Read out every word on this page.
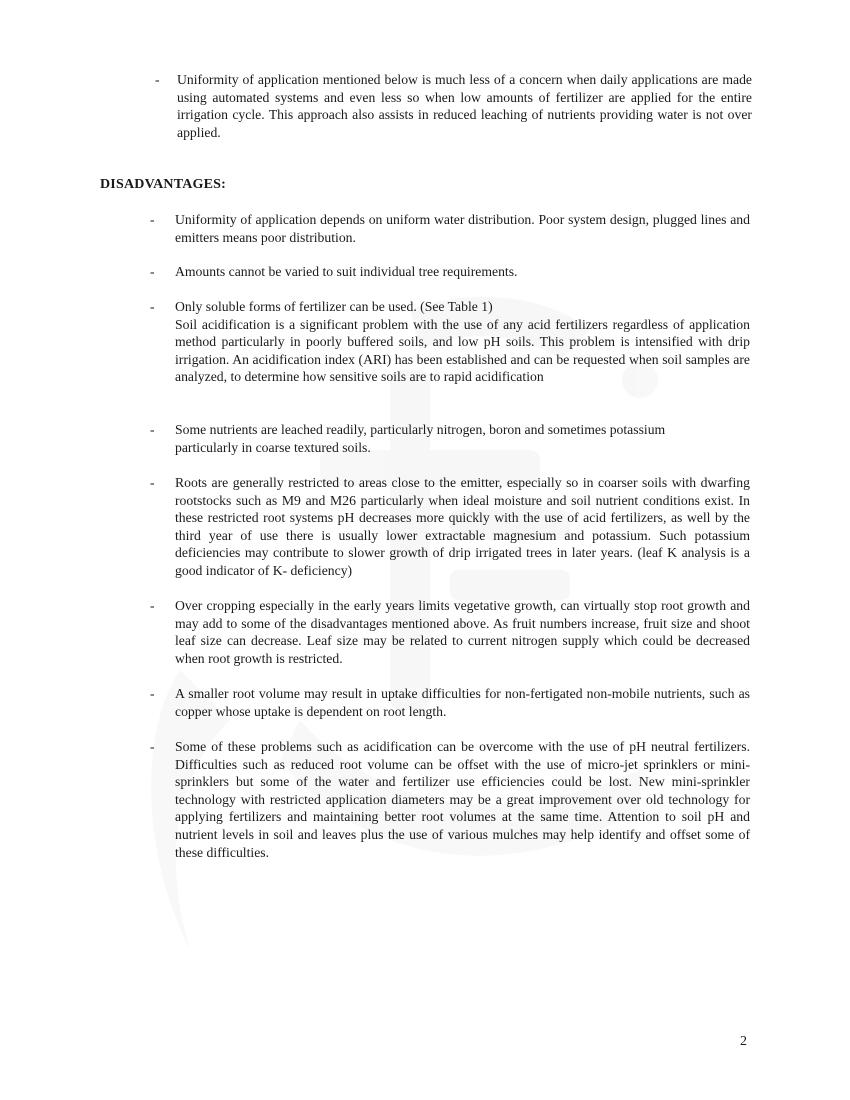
-	Uniformity of application mentioned below is much less of a concern when daily applications are made using automated systems and even less so when low amounts of fertilizer are applied for the entire irrigation cycle. This approach also assists in reduced leaching of nutrients providing water is not over applied.
DISADVANTAGES:
-	Uniformity of application depends on uniform water distribution. Poor system design, plugged lines and emitters means poor distribution.
-	Amounts cannot be varied to suit individual tree requirements.
-	Only soluble forms of fertilizer can be used. (See Table 1)
Soil acidification is a significant problem with the use of any acid fertilizers regardless of application method particularly in poorly buffered soils, and low pH soils. This problem is intensified with drip irrigation. An acidification index (ARI) has been established and can be requested when soil samples are analyzed, to determine how sensitive soils are to rapid acidification
-	Some nutrients are leached readily, particularly nitrogen, boron and sometimes potassium particularly in coarse textured soils.
-	Roots are generally restricted to areas close to the emitter, especially so in coarser soils with dwarfing rootstocks such as M9 and M26 particularly when ideal moisture and soil nutrient conditions exist. In these restricted root systems pH decreases more quickly with the use of acid fertilizers, as well by the third year of use there is usually lower extractable magnesium and potassium. Such potassium deficiencies may contribute to slower growth of drip irrigated trees in later years. (leaf K analysis is a good indicator of K- deficiency)
-	Over cropping especially in the early years limits vegetative growth, can virtually stop root growth and may add to some of the disadvantages mentioned above. As fruit numbers increase, fruit size and shoot leaf size can decrease. Leaf size may be related to current nitrogen supply which could be decreased when root growth is restricted.
-	A smaller root volume may result in uptake difficulties for non-fertigated non-mobile nutrients, such as copper whose uptake is dependent on root length.
-	Some of these problems such as acidification can be overcome with the use of pH neutral fertilizers. Difficulties such as reduced root volume can be offset with the use of micro-jet sprinklers or mini-sprinklers but some of the water and fertilizer use efficiencies could be lost. New mini-sprinkler technology with restricted application diameters may be a great improvement over old technology for applying fertilizers and maintaining better root volumes at the same time. Attention to soil pH and nutrient levels in soil and leaves plus the use of various mulches may help identify and offset some of these difficulties.
2
